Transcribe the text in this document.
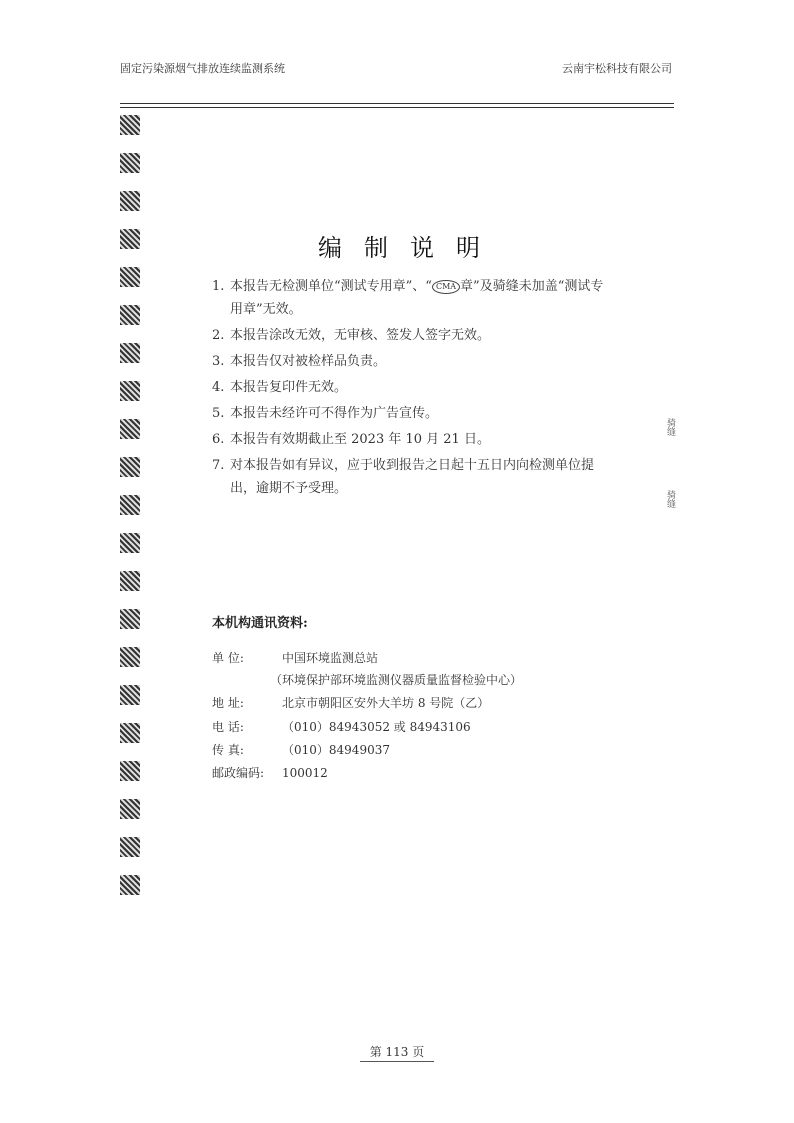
固定污染源烟气排放连续监测系统	云南宇松科技有限公司
编制说明
1. 本报告无检测单位“测试专用章”、“ CMA 章”及骑缝未加盖“测试专用章”无效。
2. 本报告涂改无效，无审核、签发人签字无效。
3. 本报告仅对被检样品负责。
4. 本报告复印件无效。
5. 本报告未经许可不得作为广告宣传。
6. 本报告有效期截止至 2023 年 10 月 21 日。
7. 对本报告如有异议，应于收到报告之日起十五日内向检测单位提出，逾期不予受理。
本机构通讯资料:
单 位:	中国环境监测总站
（环境保护部环境监测仪器质量监督检验中心）
地 址:	北京市朝阳区安外大羊坊 8 号院（乙）
电 话:	（010）84943052 或 84943106
传 真:	（010）84949037
邮政编码: 100012
骑缝
骑缝
第 113 页
